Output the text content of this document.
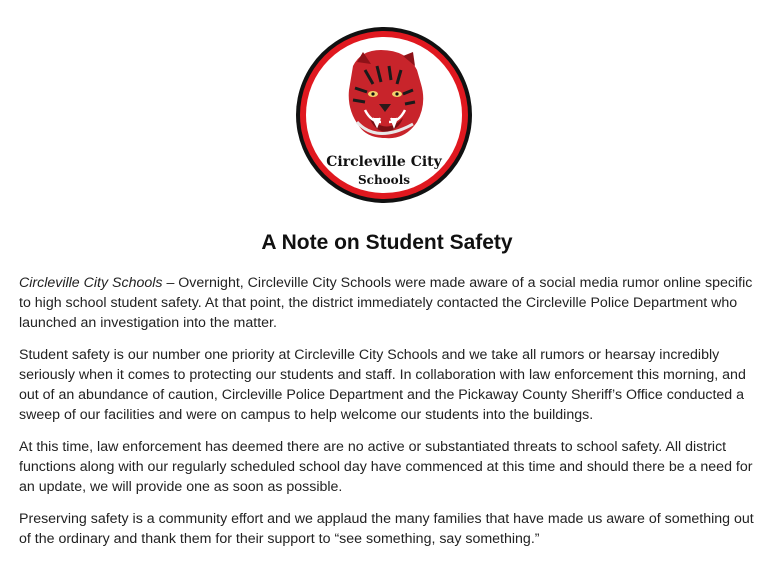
Circleville City
Schools
A Note on Student Safety

Circleville City Schools – Overnight, Circleville City Schools were made aware of a social media rumor online specific to high school student safety. At that point, the district immediately contacted the Circleville Police Department who launched an investigation into the matter.

Student safety is our number one priority at Circleville City Schools and we take all rumors or hearsay incredibly seriously when it comes to protecting our students and staff. In collaboration with law enforcement this morning, and out of an abundance of caution, Circleville Police Department and the Pickaway County Sheriff’s Office conducted a sweep of our facilities and were on campus to help welcome our students into the buildings.

At this time, law enforcement has deemed there are no active or substantiated threats to school safety. All district functions along with our regularly scheduled school day have commenced at this time and should there be a need for an update, we will provide one as soon as possible.

Preserving safety is a community effort and we applaud the many families that have made us aware of something out of the ordinary and thank them for their support to “see something, say something.”
